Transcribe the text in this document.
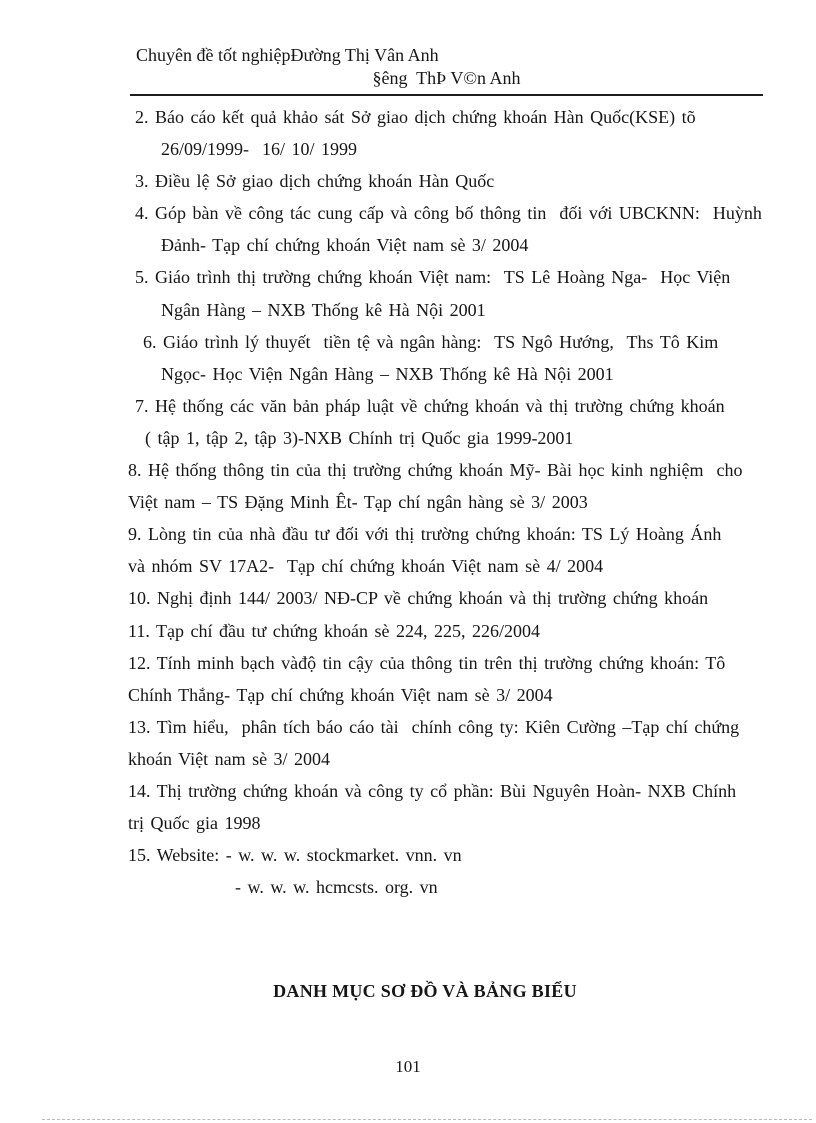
Chuyên đề tốt nghiệpĐường Thị Vân Anh
§êng  ThÞ V©n Anh
2. Báo cáo kết quả khảo sát Sở giao dịch chứng khoán Hàn Quốc(KSE) tõ
26/09/1999-  16/ 10/ 1999
3. Điều lệ Sở giao dịch chứng khoán Hàn Quốc
4. Góp bàn về công tác cung cấp và công bố thông tin  đối với UBCKNN:  Huỳnh
Đảnh- Tạp chí chứng khoán Việt nam sè 3/ 2004
5. Giáo trình thị trường chứng khoán Việt nam:  TS Lê Hoàng Nga-  Học Viện
Ngân Hàng – NXB Thống kê Hà Nội 2001
6. Giáo trình lý thuyết  tiền tệ và ngân hàng:  TS Ngô Hướng,  Ths Tô Kim
Ngọc- Học Viện Ngân Hàng – NXB Thống kê Hà Nội 2001
7. Hệ thống các văn bản pháp luật về chứng khoán và thị trường chứng khoán
( tập 1, tập 2, tập 3)-NXB Chính trị Quốc gia 1999-2001
8. Hệ thống thông tin của thị trường chứng khoán Mỹ- Bài học kinh nghiệm  cho
Việt nam – TS Đặng Minh Êt- Tạp chí ngân hàng sè 3/ 2003
9. Lòng tin của nhà đầu tư đối với thị trường chứng khoán: TS Lý Hoàng Ánh
và nhóm SV 17A2-  Tạp chí chứng khoán Việt nam sè 4/ 2004
10. Nghị định 144/ 2003/ NĐ-CP về chứng khoán và thị trường chứng khoán
11. Tạp chí đầu tư chứng khoán sè 224, 225, 226/2004
12. Tính minh bạch vàđộ tin cậy của thông tin trên thị trường chứng khoán: Tô
Chính Thắng- Tạp chí chứng khoán Việt nam sè 3/ 2004
13. Tìm hiểu,  phân tích báo cáo tài  chính công ty: Kiên Cường –Tạp chí chứng
khoán Việt nam sè 3/ 2004
14. Thị trường chứng khoán và công ty cổ phần: Bùi Nguyên Hoàn- NXB Chính
trị Quốc gia 1998
15. Website: - w. w. w. stockmarket. vnn. vn
- w. w. w. hcmcsts. org. vn
DANH MỤC SƠ ĐỒ VÀ BẢNG BIỂU
101
